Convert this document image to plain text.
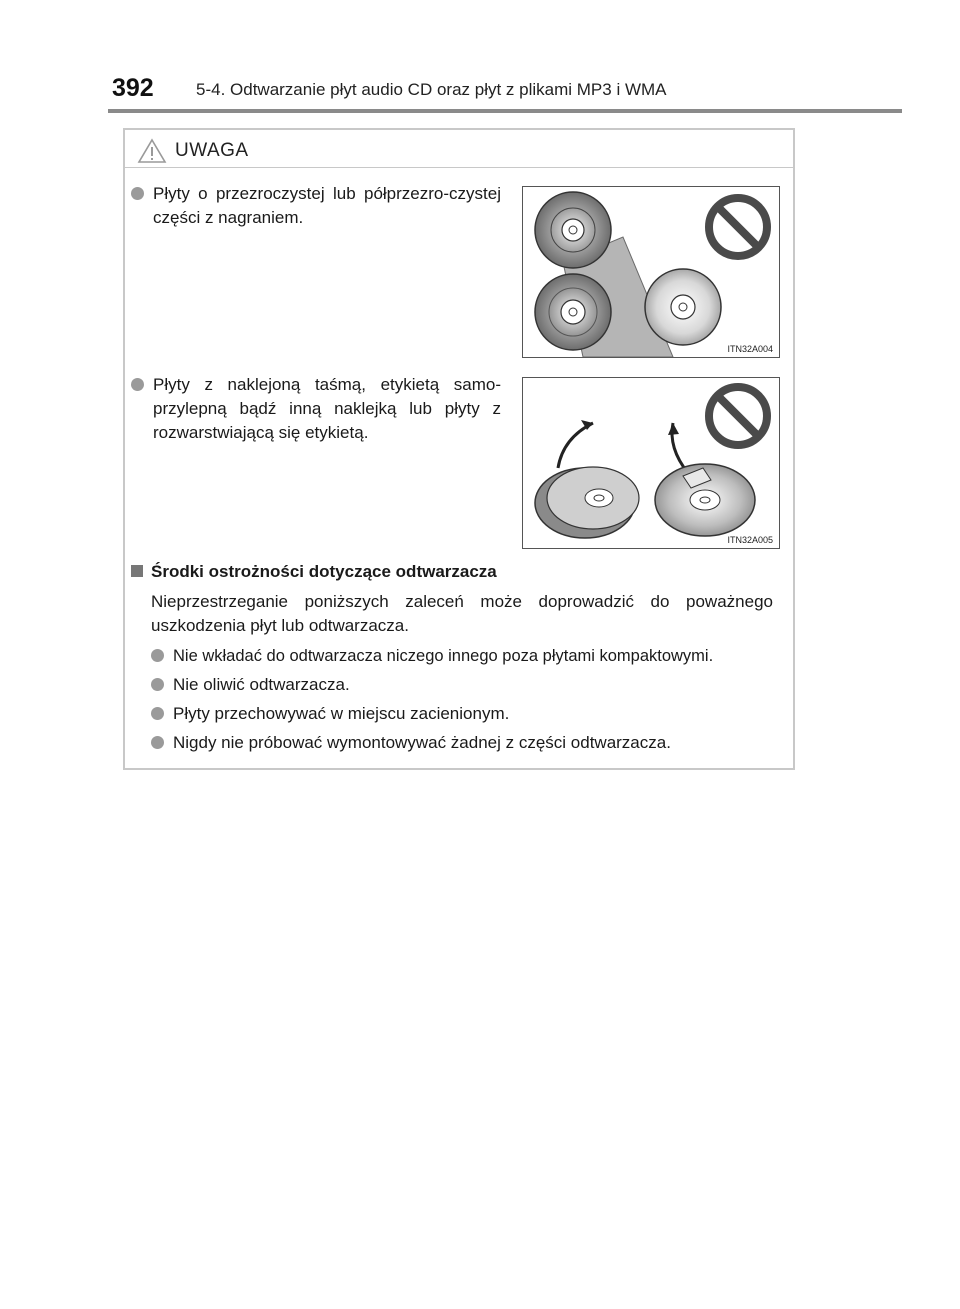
392 5-4. Odtwarzanie płyt audio CD oraz płyt z plikami MP3 i WMA
UWAGA
Płyty o przezroczystej lub półprzezro-czystej części z nagraniem.
ITN32A004
Płyty z naklejoną taśmą, etykietą samo-przylepną bądź inną naklejką lub płyty z rozwarstwiającą się etykietą.
ITN32A005
Środki ostrożności dotyczące odtwarzacza
Nieprzestrzeganie poniższych zaleceń może doprowadzić do poważnego uszkodzenia płyt lub odtwarzacza.
Nie wkładać do odtwarzacza niczego innego poza płytami kompaktowymi.
Nie oliwić odtwarzacza.
Płyty przechowywać w miejscu zacienionym.
Nigdy nie próbować wymontowywać żadnej z części odtwarzacza.
